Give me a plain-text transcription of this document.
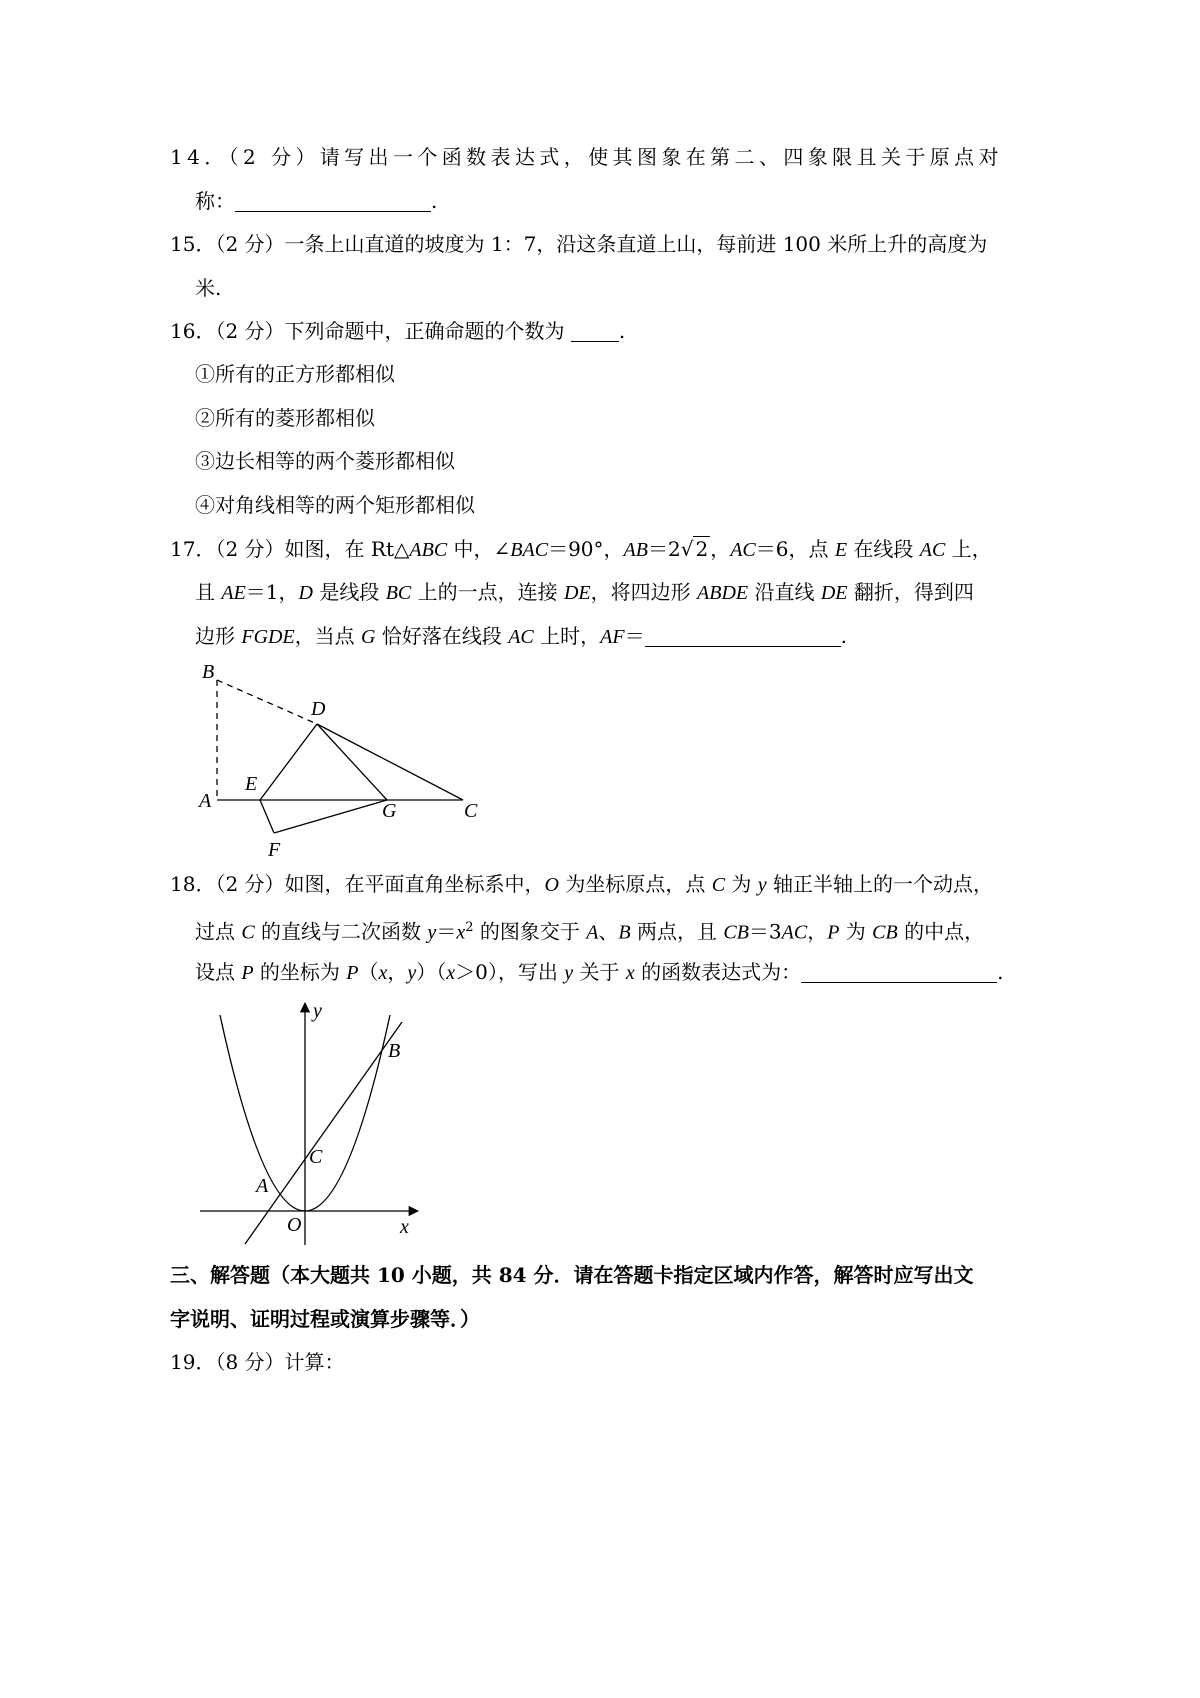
14．（2 分）请写出一个函数表达式，使其图象在第二、四象限且关于原点对
称：	.
15．（2 分）一条上山直道的坡度为 1：7，沿这条直道上山，每前进 100 米所上升的高度为
米.
16．（2 分）下列命题中，正确命题的个数为 .
①所有的正方形都相似
②所有的菱形都相似
③边长相等的两个菱形都相似
④对角线相等的两个矩形都相似
17．（2 分）如图，在 Rt△ABC 中，∠BAC＝90°，AB＝2√ 2 ，AC＝6，点 E 在线段 AC 上，
且 AE＝1，D 是线段 BC 上的一点，连接 DE，将四边形 ABDE 沿直线 DE 翻折，得到四
边形 FGDE，当点 G 恰好落在线段 AC 上时，AF＝	.
B
D
E
A	G	C
F
18．（2 分）如图，在平面直角坐标系中，O 为坐标原点，点 C 为 y 轴正半轴上的一个动点，
过点 C 的直线与二次函数 $y=x^2$ 的图象交于 A、B 两点，且 CB＝3AC，P 为 CB 的中点，
设点 P 的坐标为 P（x，y）（x＞0），写出 y 关于 x 的函数表达式为：	.
y
B
C
A
O	x
三、解答题（本大题共 10 小题，共 84 分．请在答题卡指定区域内作答，解答时应写出文
字说明、证明过程或演算步骤等．）
19．（8 分）计算：
